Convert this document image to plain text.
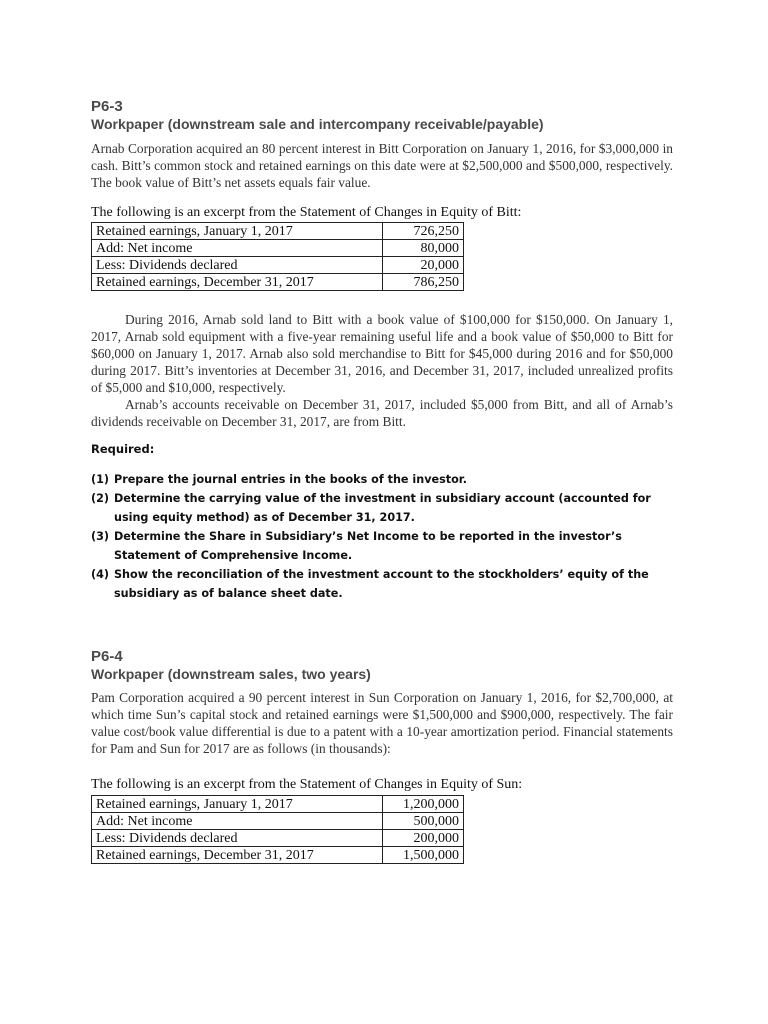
P6-3
Workpaper (downstream sale and intercompany receivable/payable)

Arnab Corporation acquired an 80 percent interest in Bitt Corporation on January 1, 2016, for $3,000,000 in cash. Bitt’s common stock and retained earnings on this date were at $2,500,000 and $500,000, respectively. The book value of Bitt’s net assets equals fair value.

The following is an excerpt from the Statement of Changes in Equity of Bitt:
Retained earnings, January 1, 2017	726,250
Add: Net income	80,000
Less: Dividends declared	20,000
Retained earnings, December 31, 2017	786,250

During 2016, Arnab sold land to Bitt with a book value of $100,000 for $150,000. On January 1, 2017, Arnab sold equipment with a five-year remaining useful life and a book value of $50,000 to Bitt for $60,000 on January 1, 2017. Arnab also sold merchandise to Bitt for $45,000 during 2016 and for $50,000 during 2017. Bitt’s inventories at December 31, 2016, and December 31, 2017, included unrealized profits of $5,000 and $10,000, respectively.

Arnab’s accounts receivable on December 31, 2017, included $5,000 from Bitt, and all of Arnab’s dividends receivable on December 31, 2017, are from Bitt.

Required:
(1) Prepare the journal entries in the books of the investor.
(2) Determine the carrying value of the investment in subsidiary account (accounted for using equity method) as of December 31, 2017.
(3) Determine the Share in Subsidiary’s Net Income to be reported in the investor’s Statement of Comprehensive Income.
(4) Show the reconciliation of the investment account to the stockholders’ equity of the subsidiary as of balance sheet date.
P6-4
Workpaper (downstream sales, two years)

Pam Corporation acquired a 90 percent interest in Sun Corporation on January 1, 2016, for $2,700,000, at which time Sun’s capital stock and retained earnings were $1,500,000 and $900,000, respectively. The fair value cost/book value differential is due to a patent with a 10-year amortization period. Financial statements for Pam and Sun for 2017 are as follows (in thousands):

The following is an excerpt from the Statement of Changes in Equity of Sun:
Retained earnings, January 1, 2017	1,200,000
Add: Net income	500,000
Less: Dividends declared	200,000
Retained earnings, December 31, 2017	1,500,000
